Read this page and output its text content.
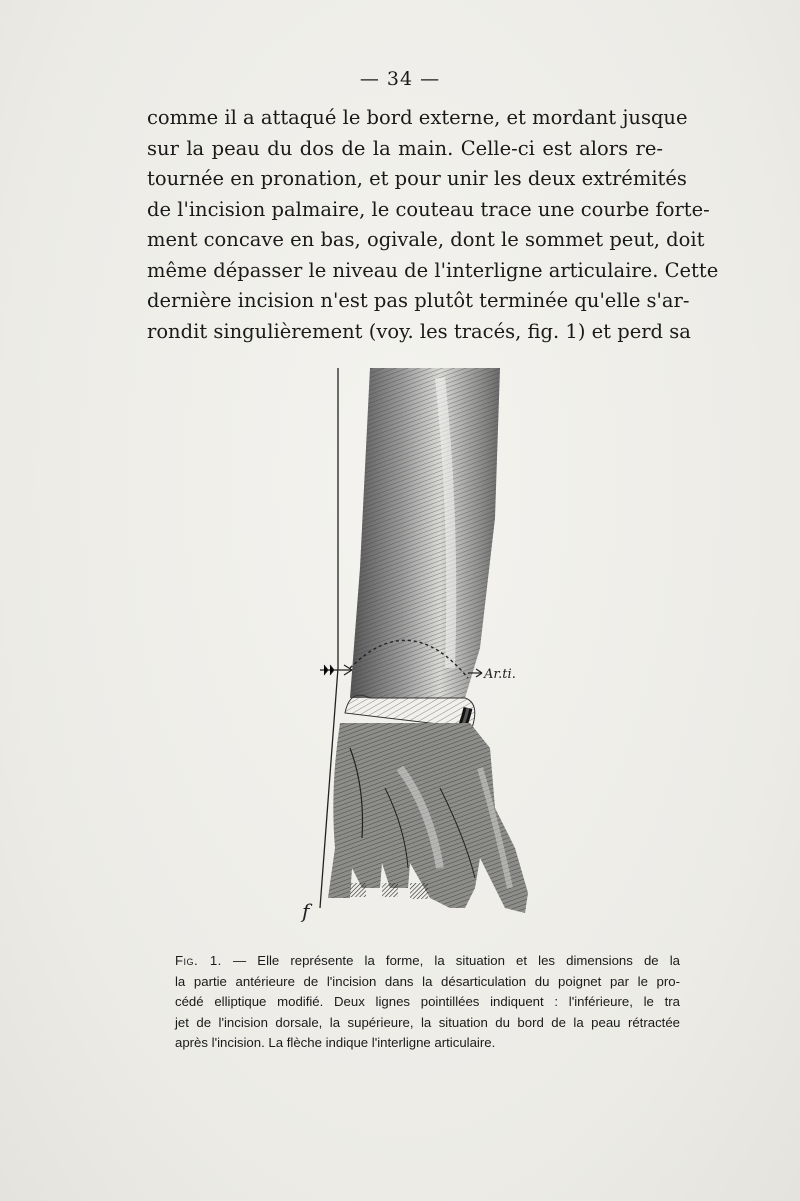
— 34 —
comme il a attaqué le bord externe, et mordant jusque
sur la peau du dos de la main. Celle-ci est alors re-
tournée en pronation, et pour unir les deux extrémités
de l'incision palmaire, le couteau trace une courbe forte-
ment concave en bas, ogivale, dont le sommet peut, doit
même dépasser le niveau de l'interligne articulaire. Cette
dernière incision n'est pas plutôt terminée qu'elle s'ar-
rondit singulièrement (voy. les tracés, fig. 1) et perd sa
Ar.ti.
f
Fig. 1. — Elle représente la forme, la situation et les dimensions de la
la partie antérieure de l'incision dans la désarticulation du poignet par le pro-
cédé elliptique modifié. Deux lignes pointillées indiquent : l'inférieure, le tra
jet de l'incision dorsale, la supérieure, la situation du bord de la peau rétractée
après l'incision. La flèche indique l'interligne articulaire.
